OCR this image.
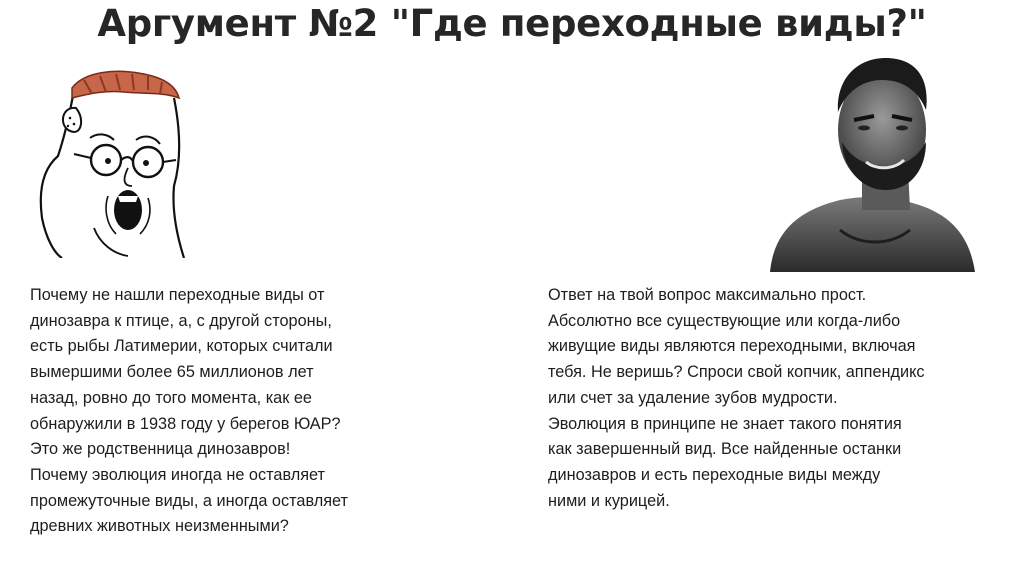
Аргумент №2 "Где переходные виды?"
Почему не нашли переходные виды от
динозавра к птице, а, с другой стороны,
есть рыбы Латимерии, которых считали
вымершими более 65 миллионов лет
назад, ровно до того момента, как ее
обнаружили в 1938 году у берегов ЮАР?
Это же родственница динозавров!
Почему эволюция иногда не оставляет
промежуточные виды, а иногда оставляет
древних животных неизменными?
Ответ на твой вопрос максимально прост.
Абсолютно все существующие или когда-либо
живущие виды являются переходными, включая
тебя. Не веришь? Спроси свой копчик, аппендикс
или счет за удаление зубов мудрости.
Эволюция в принципе не знает такого понятия
как завершенный вид. Все найденные останки
динозавров и есть переходные виды между
ними и курицей.
